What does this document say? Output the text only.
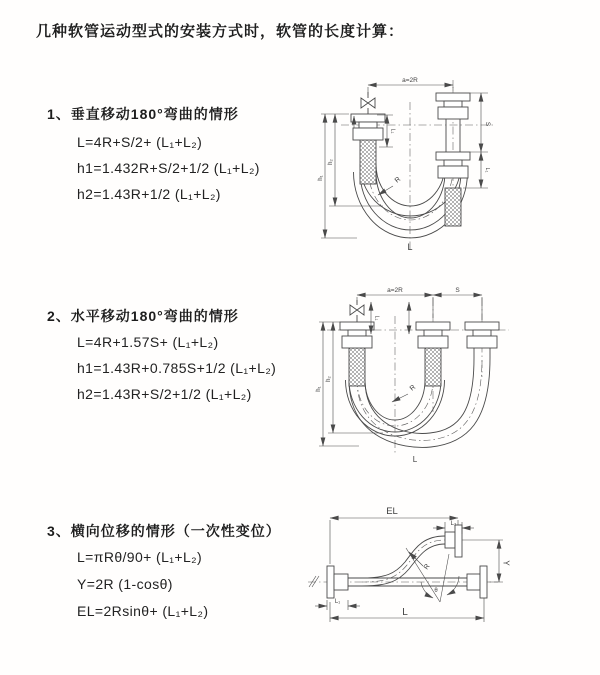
几种软管运动型式的安装方式时，软管的长度计算：
1、垂直移动180°弯曲的情形
L=4R+S/2+ (L₁+L₂)
h1=1.432R+S/2+1/2 (L₁+L₂)
h2=1.43R+1/2 (L₁+L₂)
2、水平移动180°弯曲的情形
L=4R+1.57S+ (L₁+L₂)
h1=1.43R+0.785S+1/2 (L₁+L₂)
h2=1.43R+S/2+1/2 (L₁+L₂)
3、横向位移的情形（一次性变位）
L=πRθ/90+ (L₁+L₂)
Y=2R (1-cosθ)
EL=2Rsinθ+ (L₁+L₂)
a=2R
S
L₁
h₁
h₂
L₁
R
L
a=2R	S
h₁
h₂
L₁
R
L
θ
EL
L₂
Y
L
L₁
R
